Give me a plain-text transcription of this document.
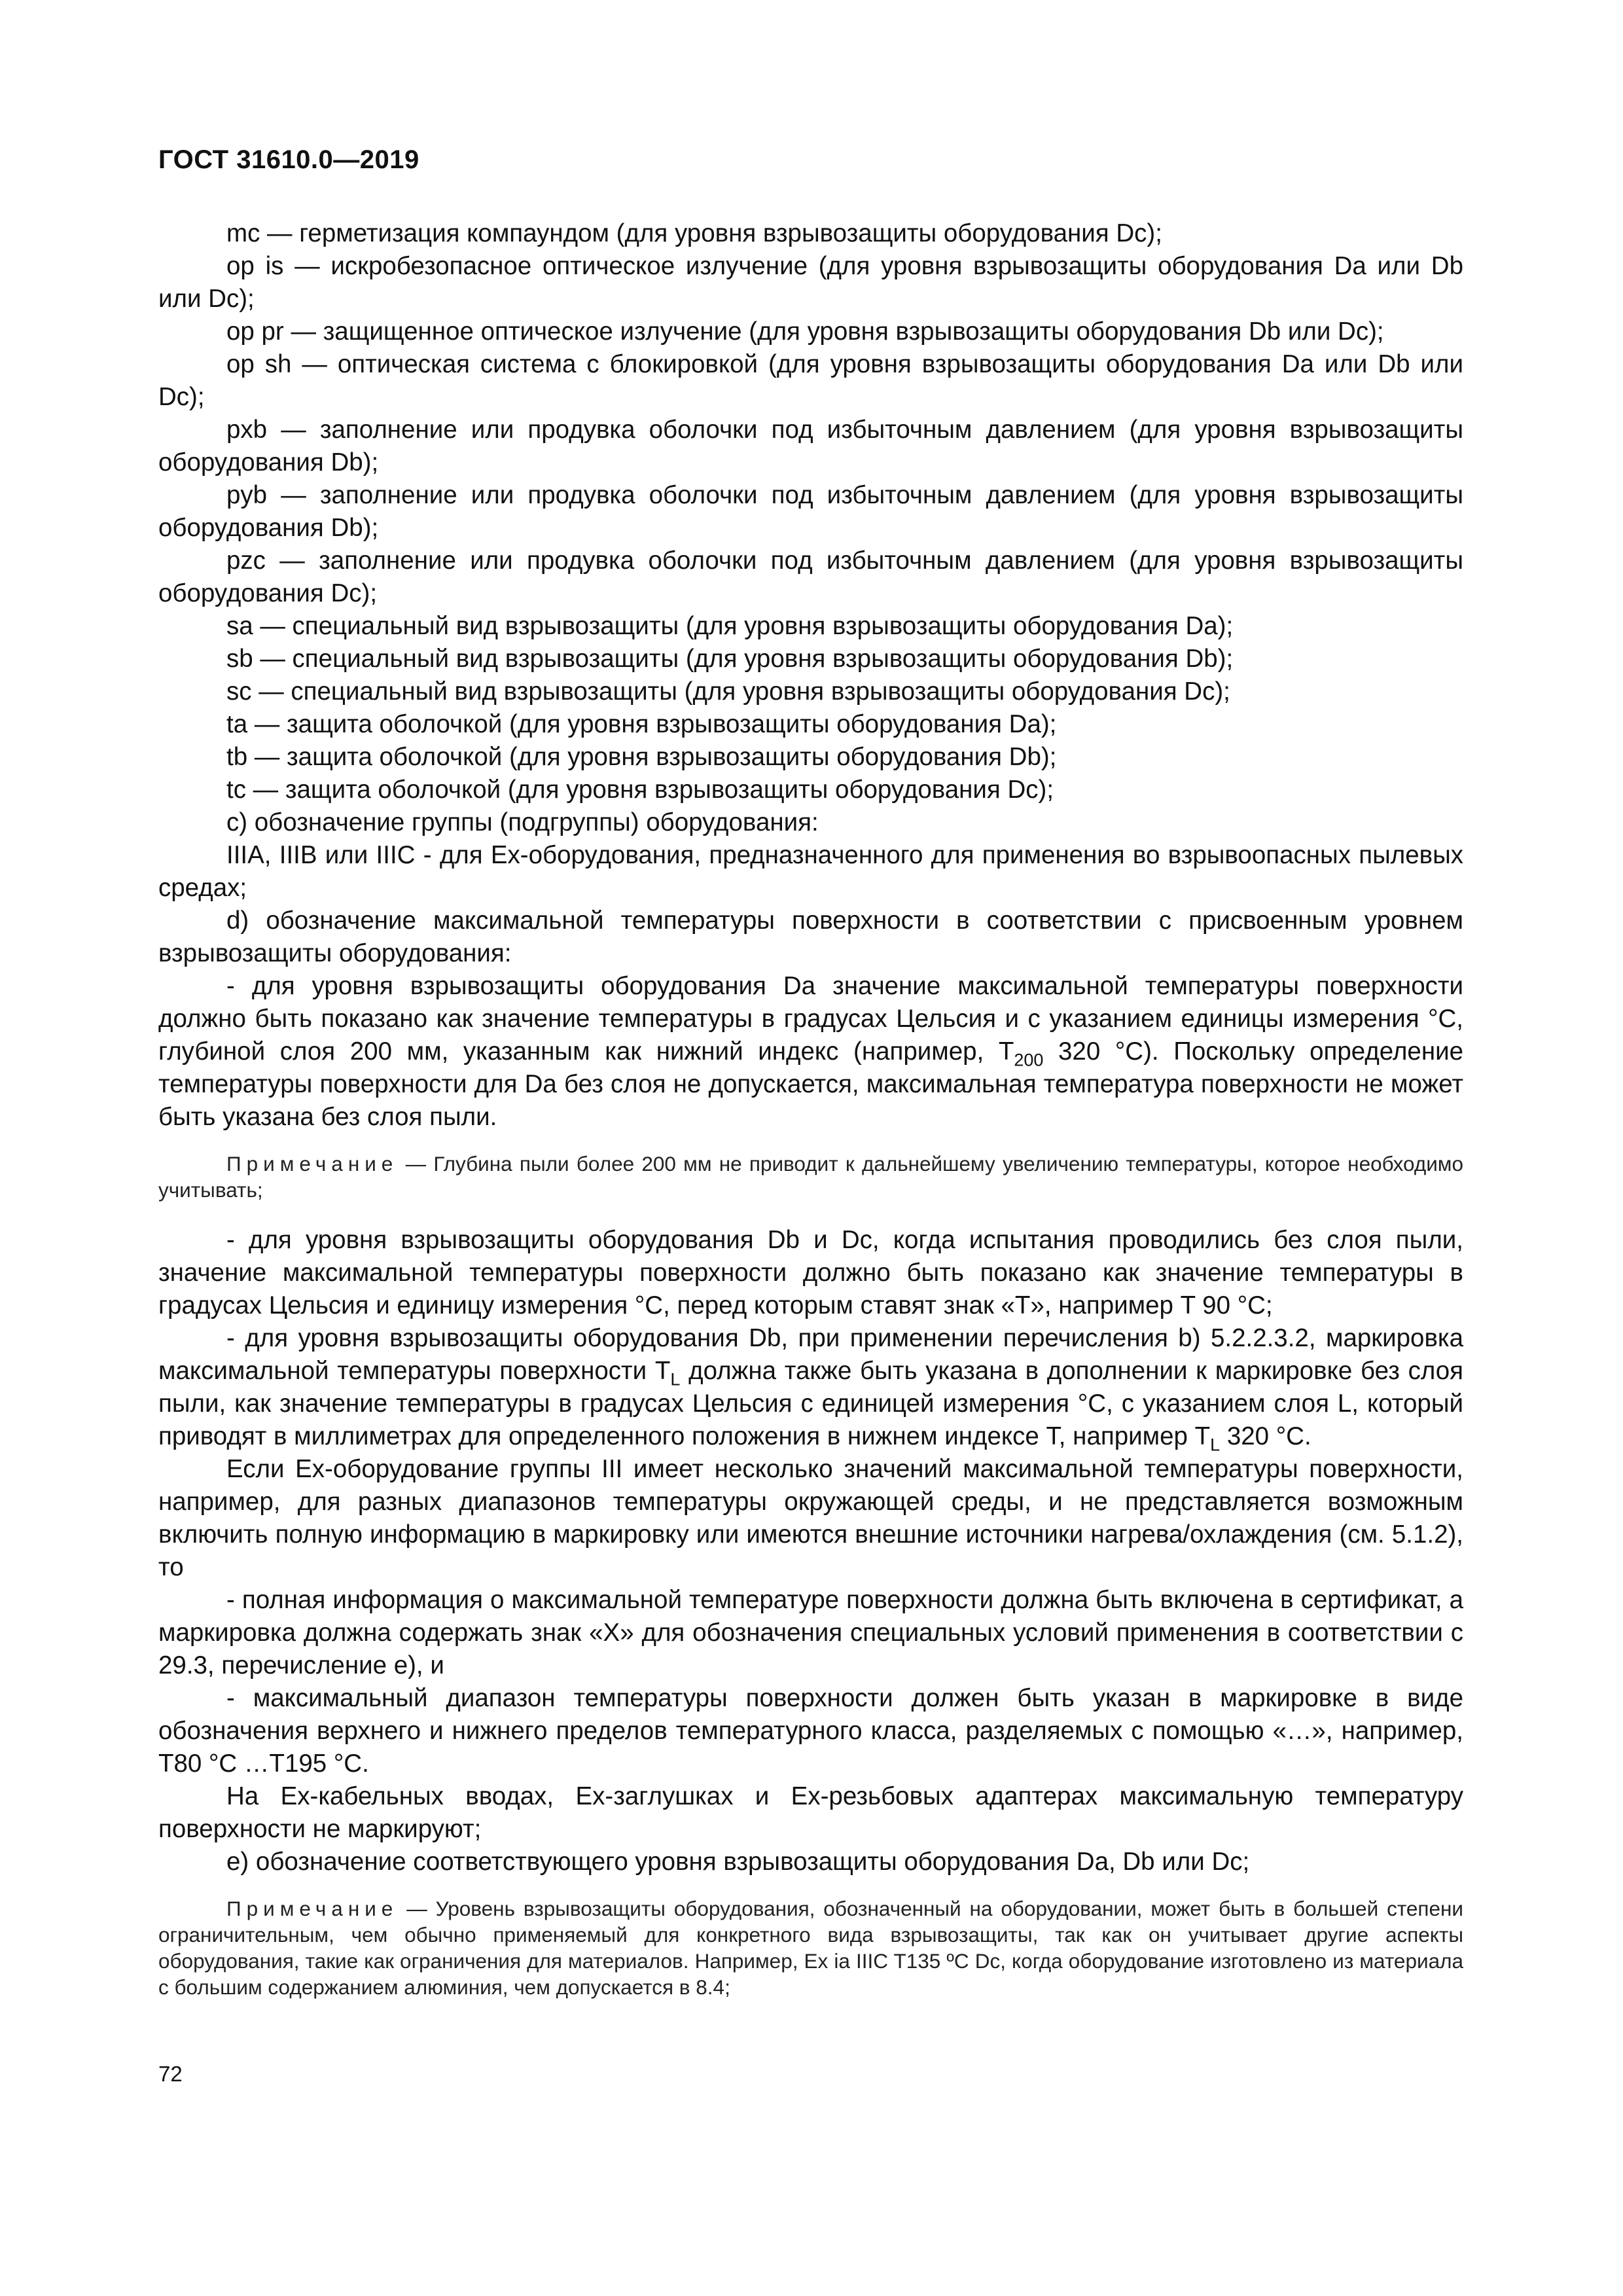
ГОСТ 31610.0—2019

mc — герметизация компаундом (для уровня взрывозащиты оборудования Dc);

op is — искробезопасное оптическое излучение (для уровня взрывозащиты оборудования Da или Db или Dc);

op pr — защищенное оптическое излучение (для уровня взрывозащиты оборудования Db или Dc);

op sh — оптическая система с блокировкой (для уровня взрывозащиты оборудования Da или Db или Dc);

pxb — заполнение или продувка оболочки под избыточным давлением (для уровня взрывозащиты оборудования Db);

pyb — заполнение или продувка оболочки под избыточным давлением (для уровня взрывозащиты оборудования Db);

pzc — заполнение или продувка оболочки под избыточным давлением (для уровня взрывозащиты оборудования Dc);

sa — специальный вид взрывозащиты (для уровня взрывозащиты оборудования Da);

sb — специальный вид взрывозащиты (для уровня взрывозащиты оборудования Db);

sc — специальный вид взрывозащиты (для уровня взрывозащиты оборудования Dc);

ta — защита оболочкой (для уровня взрывозащиты оборудования Da);

tb — защита оболочкой (для уровня взрывозащиты оборудования Db);

tc — защита оболочкой (для уровня взрывозащиты оборудования Dc);

c) обозначение группы (подгруппы) оборудования:

IIIA, IIIB или IIIC - для Ex-оборудования, предназначенного для применения во взрывоопасных пылевых средах;

d) обозначение максимальной температуры поверхности в соответствии с присвоенным уровнем взрывозащиты оборудования:

- для уровня взрывозащиты оборудования Da значение максимальной температуры поверхности должно быть показано как значение температуры в градусах Цельсия и с указанием единицы измерения °C, глубиной слоя 200 мм, указанным как нижний индекс (например, $T_{200}$ 320 °C). Поскольку определение температуры поверхности для Da без слоя не допускается, максимальная температура поверхности не может быть указана без слоя пыли.

Примечание — Глубина пыли более 200 мм не приводит к дальнейшему увеличению температуры, которое необходимо учитывать;

- для уровня взрывозащиты оборудования Db и Dc, когда испытания проводились без слоя пыли, значение максимальной температуры поверхности должно быть показано как значение температуры в градусах Цельсия и единицу измерения °C, перед которым ставят знак «T», например T 90 °C;

- для уровня взрывозащиты оборудования Db, при применении перечисления b) 5.2.2.3.2, маркировка максимальной температуры поверхности $T_L$ должна также быть указана в дополнении к маркировке без слоя пыли, как значение температуры в градусах Цельсия с единицей измерения °C, с указанием слоя L, который приводят в миллиметрах для определенного положения в нижнем индексе T, например $T_L$ 320 °C.

Если Ex-оборудование группы III имеет несколько значений максимальной температуры поверхности, например, для разных диапазонов температуры окружающей среды, и не представляется возможным включить полную информацию в маркировку или имеются внешние источники нагрева/охлаждения (см. 5.1.2), то

- полная информация о максимальной температуре поверхности должна быть включена в сертификат, а маркировка должна содержать знак «X» для обозначения специальных условий применения в соответствии с 29.3, перечисление e), и

- максимальный диапазон температуры поверхности должен быть указан в маркировке в виде обозначения верхнего и нижнего пределов температурного класса, разделяемых с помощью «…», например, T80 °C …T195 °C.

На Ex-кабельных вводах, Ex-заглушках и Ex-резьбовых адаптерах максимальную температуру поверхности не маркируют;

e) обозначение соответствующего уровня взрывозащиты оборудования Da, Db или Dc;

Примечание — Уровень взрывозащиты оборудования, обозначенный на оборудовании, может быть в большей степени ограничительным, чем обычно применяемый для конкретного вида взрывозащиты, так как он учитывает другие аспекты оборудования, такие как ограничения для материалов. Например, Ex ia IIIC T135 ºC Dc, когда оборудование изготовлено из материала с большим содержанием алюминия, чем допускается в 8.4;

72
